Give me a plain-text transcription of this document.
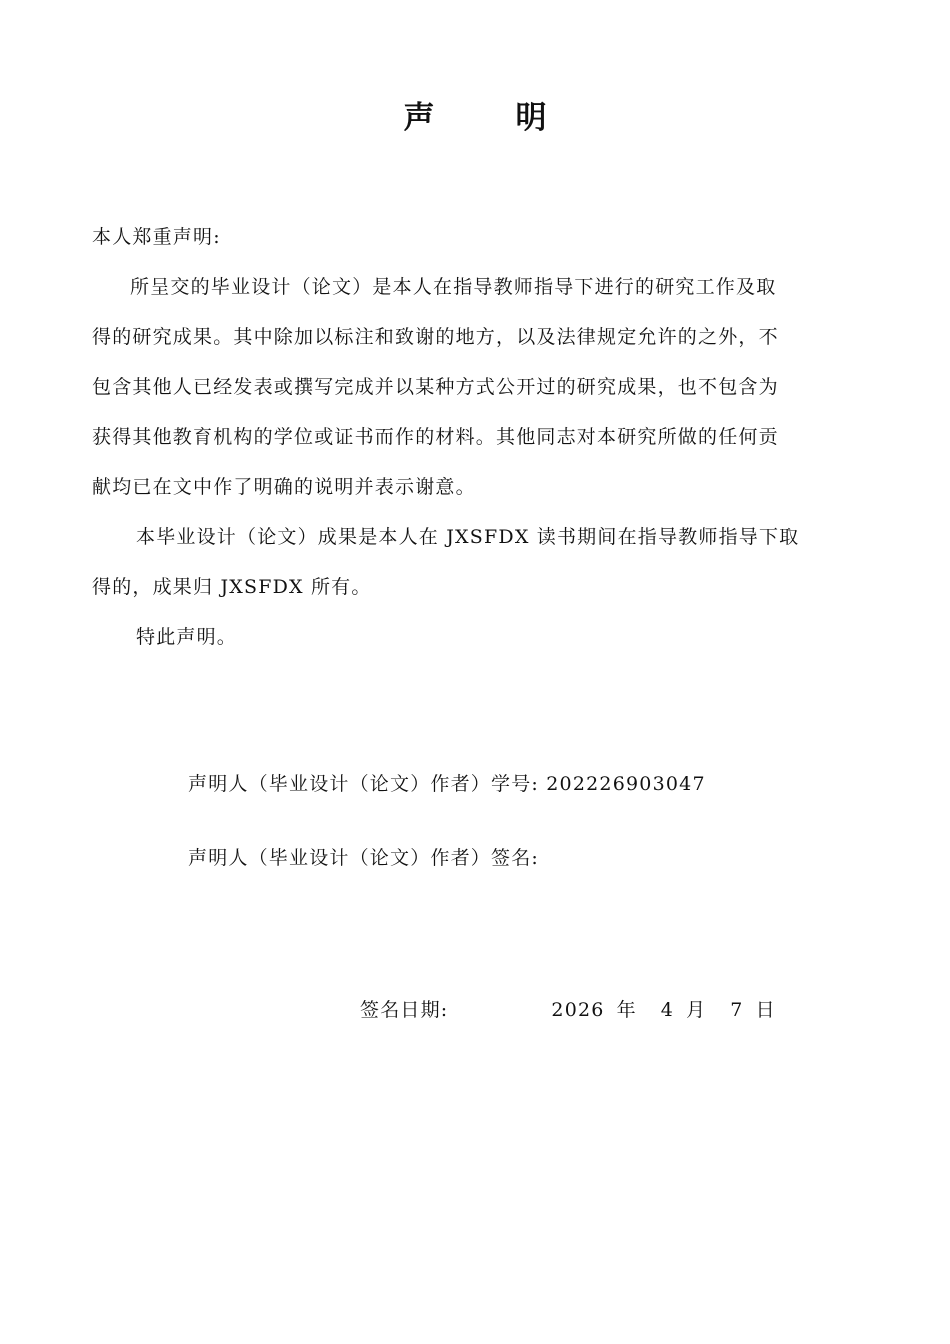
声	明
本人郑重声明:
所呈交的毕业设计（论文）是本人在指导教师指导下进行的研究工作及取
得的研究成果。其中除加以标注和致谢的地方，以及法律规定允许的之外，不
包含其他人已经发表或撰写完成并以某种方式公开过的研究成果，也不包含为
获得其他教育机构的学位或证书而作的材料。其他同志对本研究所做的任何贡
献均已在文中作了明确的说明并表示谢意。
本毕业设计（论文）成果是本人在 JXSFDX 读书期间在指导教师指导下取
得的，成果归 JXSFDX 所有。
特此声明。
声明人（毕业设计（论文）作者）学号: 202226903047
声明人（毕业设计（论文）作者）签名:
签名日期:	2026 年 4 月 7 日
